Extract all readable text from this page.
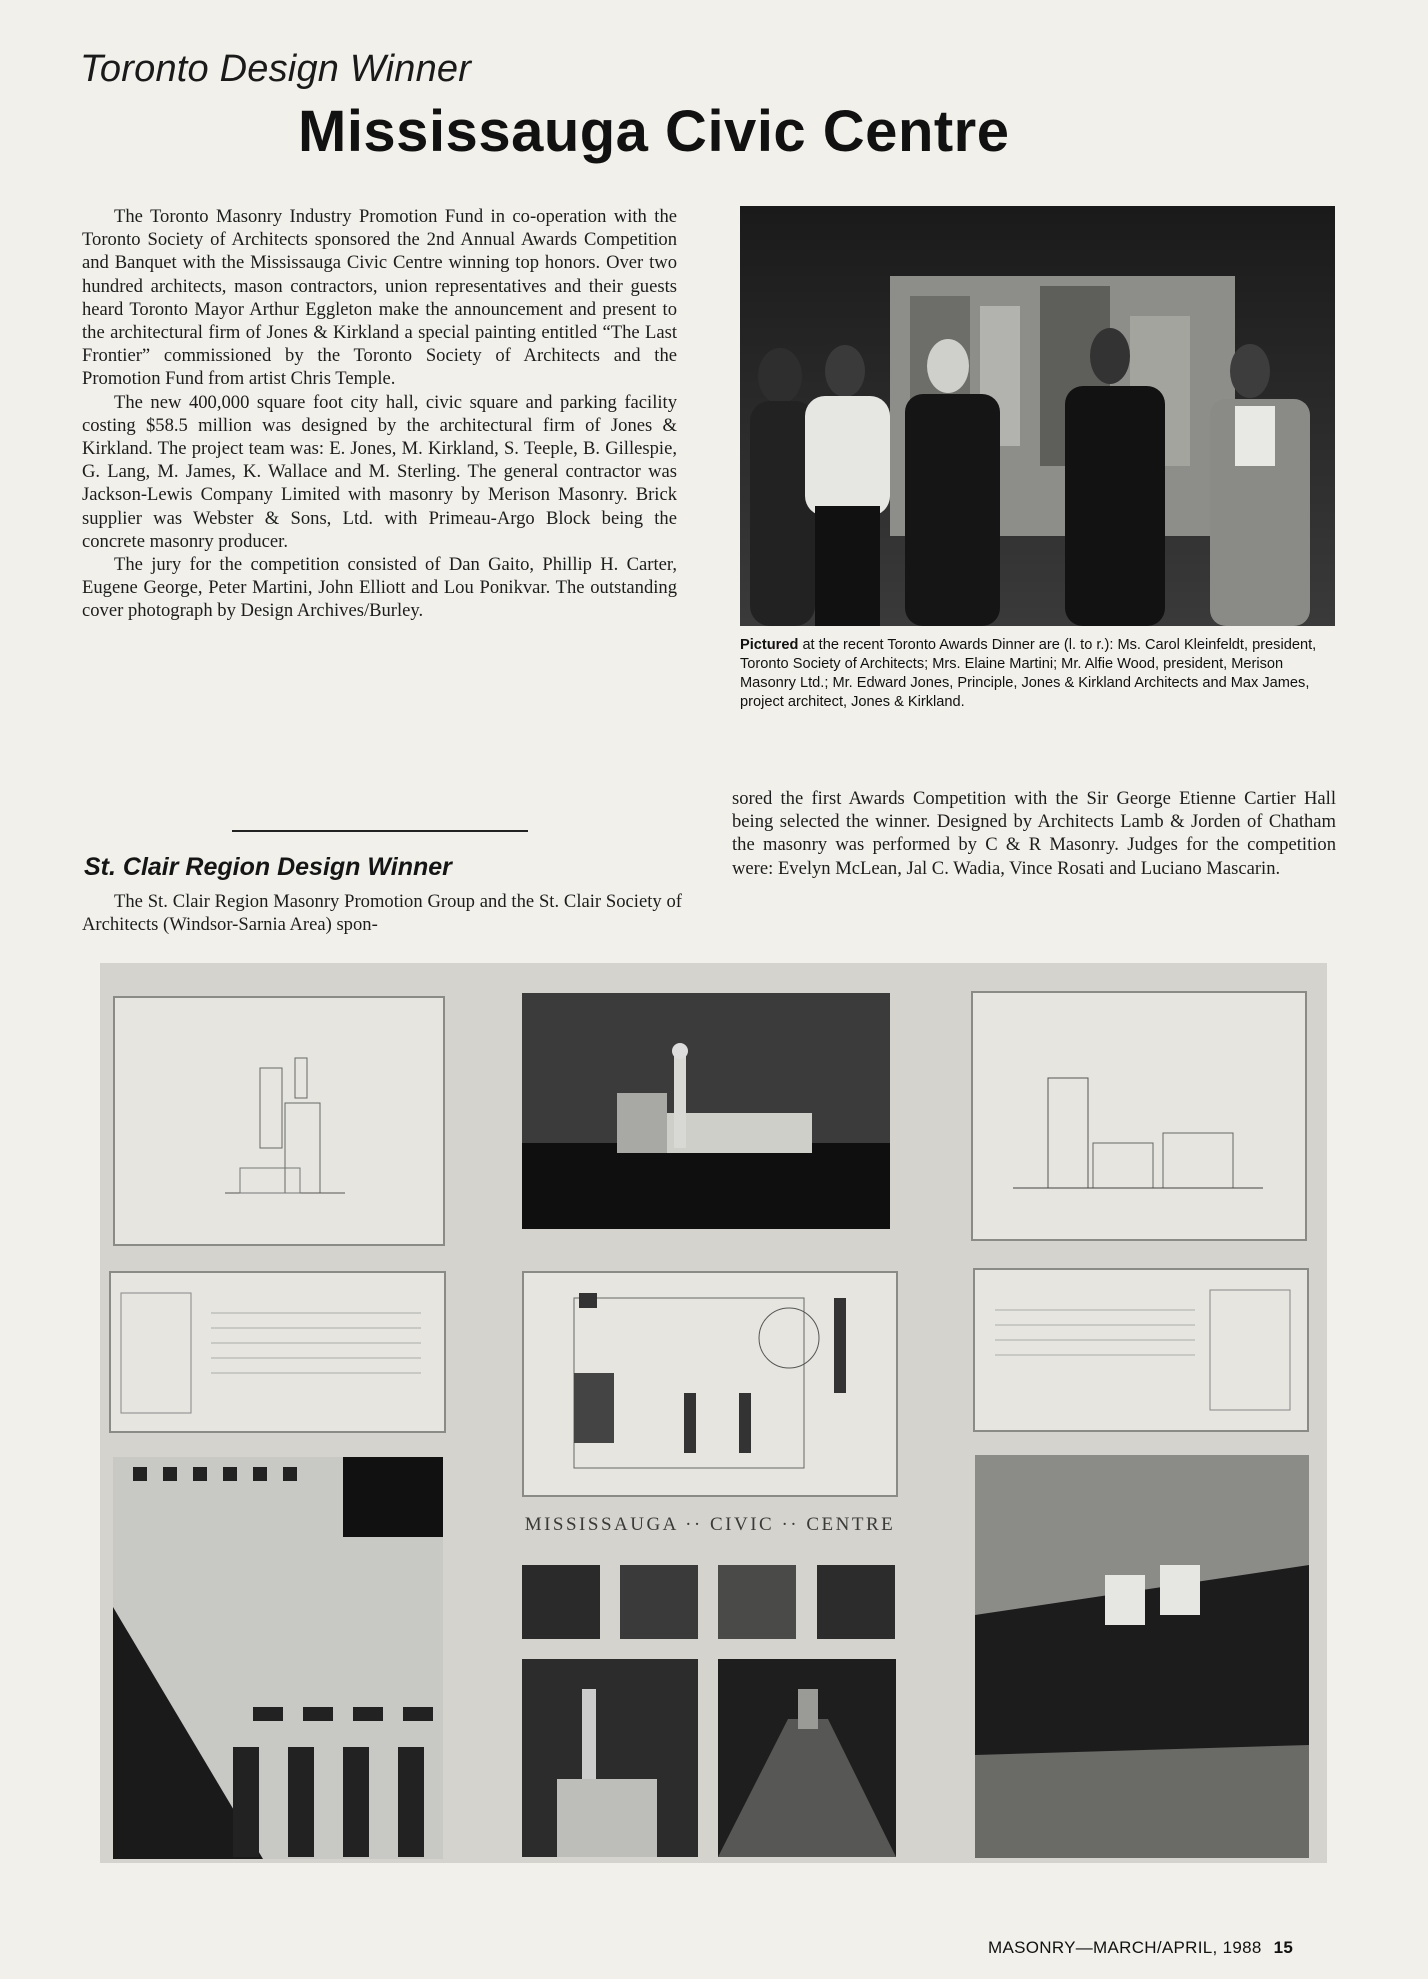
Toronto Design Winner
Mississauga Civic Centre

The Toronto Masonry Industry Promotion Fund in co-operation with the Toronto Society of Architects sponsored the 2nd Annual Awards Competition and Banquet with the Mississauga Civic Centre winning top honors. Over two hundred architects, mason contractors, union representatives and their guests heard Toronto Mayor Arthur Eggleton make the announcement and present to the architectural firm of Jones & Kirkland a special painting entitled “The Last Frontier” commissioned by the Toronto Society of Architects and the Promotion Fund from artist Chris Temple.

The new 400,000 square foot city hall, civic square and parking facility costing $58.5 million was designed by the architectural firm of Jones & Kirkland. The project team was: E. Jones, M. Kirkland, S. Teeple, B. Gillespie, G. Lang, M. James, K. Wallace and M. Sterling. The general contractor was Jackson-Lewis Company Limited with masonry by Merison Masonry. Brick supplier was Webster & Sons, Ltd. with Primeau-Argo Block being the concrete masonry producer.

The jury for the competition consisted of Dan Gaito, Phillip H. Carter, Eugene George, Peter Martini, John Elliott and Lou Ponikvar. The outstanding cover photograph by Design Archives/Burley.

St. Clair Region Design Winner

The St. Clair Region Masonry Promotion Group and the St. Clair Society of Architects (Windsor-Sarnia Area) spon-

sored the first Awards Competition with the Sir George Etienne Cartier Hall being selected the winner. Designed by Architects Lamb & Jorden of Chatham the masonry was performed by C & R Masonry. Judges for the competition were: Evelyn McLean, Jal C. Wadia, Vince Rosati and Luciano Mascarin.

Pictured at the recent Toronto Awards Dinner are (l. to r.): Ms. Carol Kleinfeldt, president, Toronto Society of Architects; Mrs. Elaine Martini; Mr. Alfie Wood, president, Merison Masonry Ltd.; Mr. Edward Jones, Principle, Jones & Kirkland Architects and Max James, project architect, Jones & Kirkland.
MISSISSAUGA ·· CIVIC ·· CENTRE
MASONRY—MARCH/APRIL, 1988 15
